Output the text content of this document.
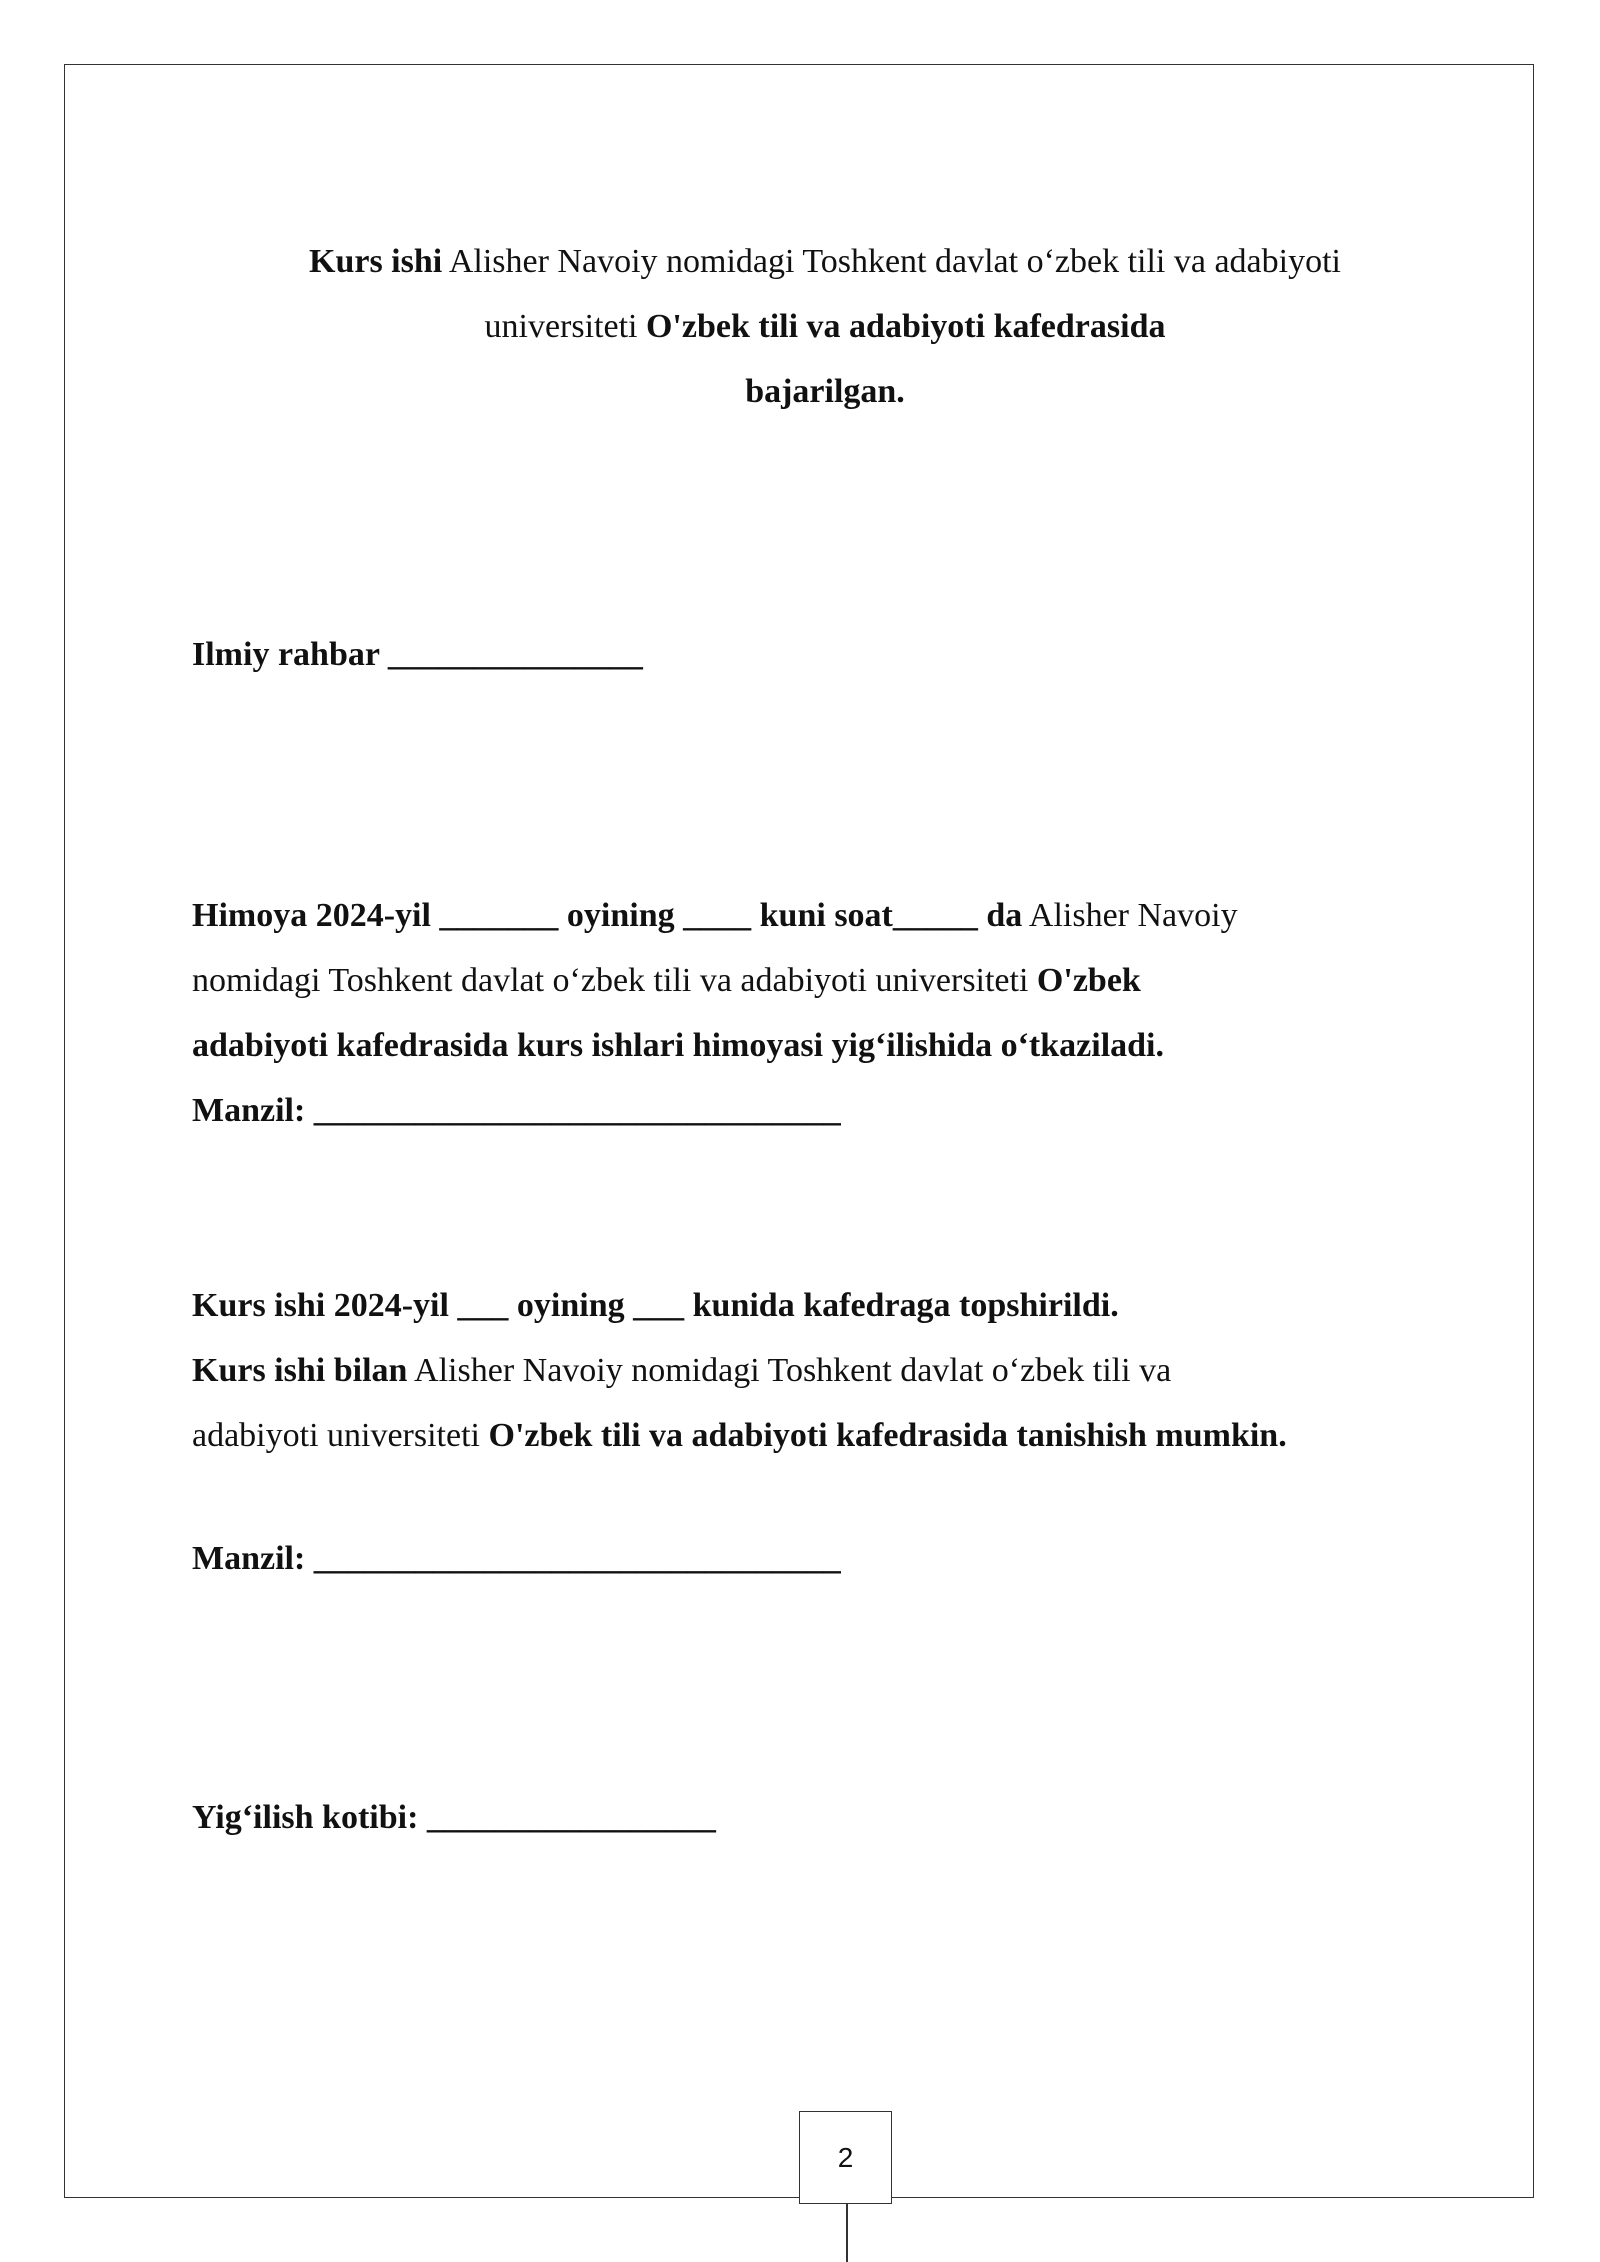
Kurs ishi Alisher Navoiy nomidagi Toshkent davlat o‘zbek tili va adabiyoti
universiteti O'zbek tili va adabiyoti kafedrasida
bajarilgan.
Ilmiy rahbar _______________
Himoya 2024-yil _______ oyining ____ kuni soat_____ da Alisher Navoiy
nomidagi Toshkent davlat o‘zbek tili va adabiyoti universiteti O'zbek
adabiyoti kafedrasida kurs ishlari himoyasi yig‘ilishida o‘tkaziladi.
Manzil: _______________________________
Kurs ishi 2024-yil ___ oyining ___ kunida kafedraga topshirildi.
Kurs ishi bilan Alisher Navoiy nomidagi Toshkent davlat o‘zbek tili va
adabiyoti universiteti O'zbek tili va adabiyoti kafedrasida tanishish mumkin.
Manzil: _______________________________
Yig‘ilish kotibi: _________________
2
